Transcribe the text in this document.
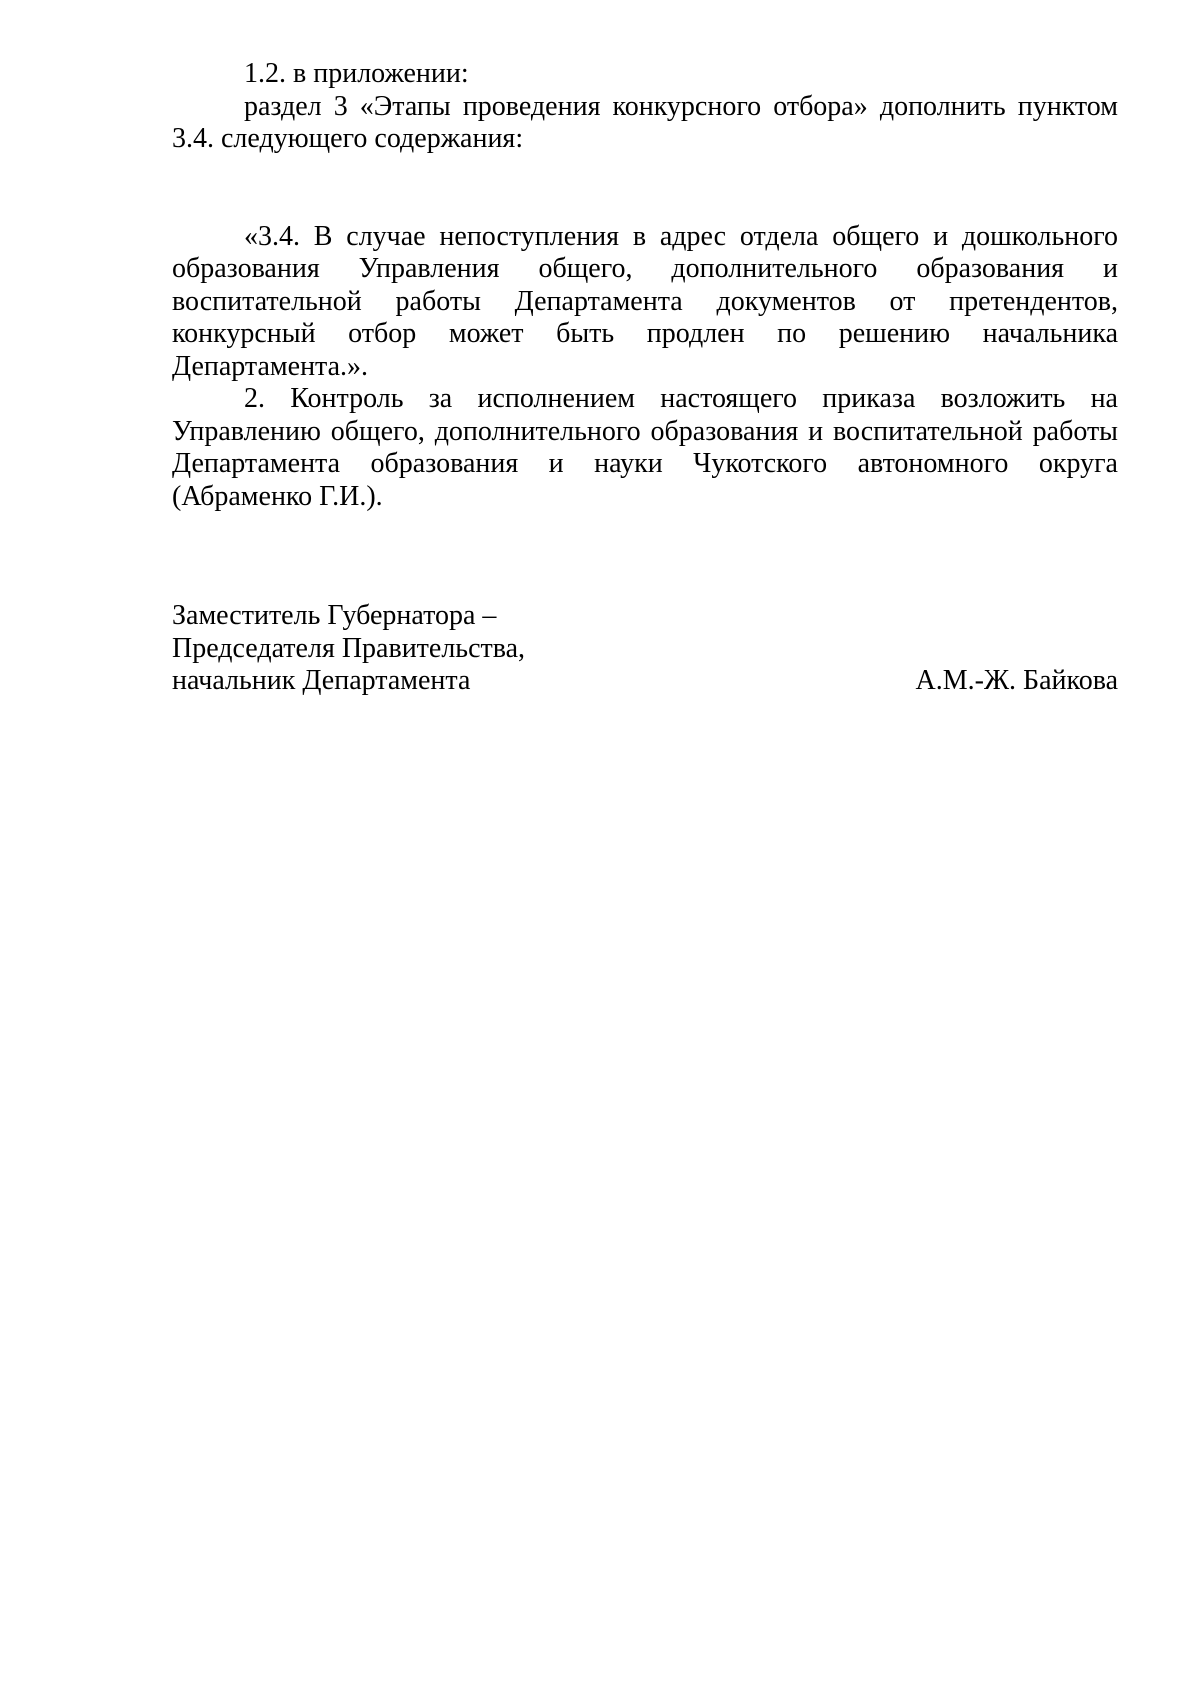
1.2. в приложении:

раздел 3 «Этапы проведения конкурсного отбора» дополнить пунктом 3.4. следующего содержания:

«3.4. В случае непоступления в адрес отдела общего и дошкольного образования Управления общего, дополнительного образования и воспитательной работы Департамента документов от претендентов, конкурсный отбор может быть продлен по решению начальника Департамента.».

2. Контроль за исполнением настоящего приказа возложить на Управлению общего, дополнительного образования и воспитательной работы Департамента образования и науки Чукотского автономного округа (Абраменко Г.И.).

Заместитель Губернатора –
Председателя Правительства,
начальник Департамента	А.М.-Ж. Байкова
